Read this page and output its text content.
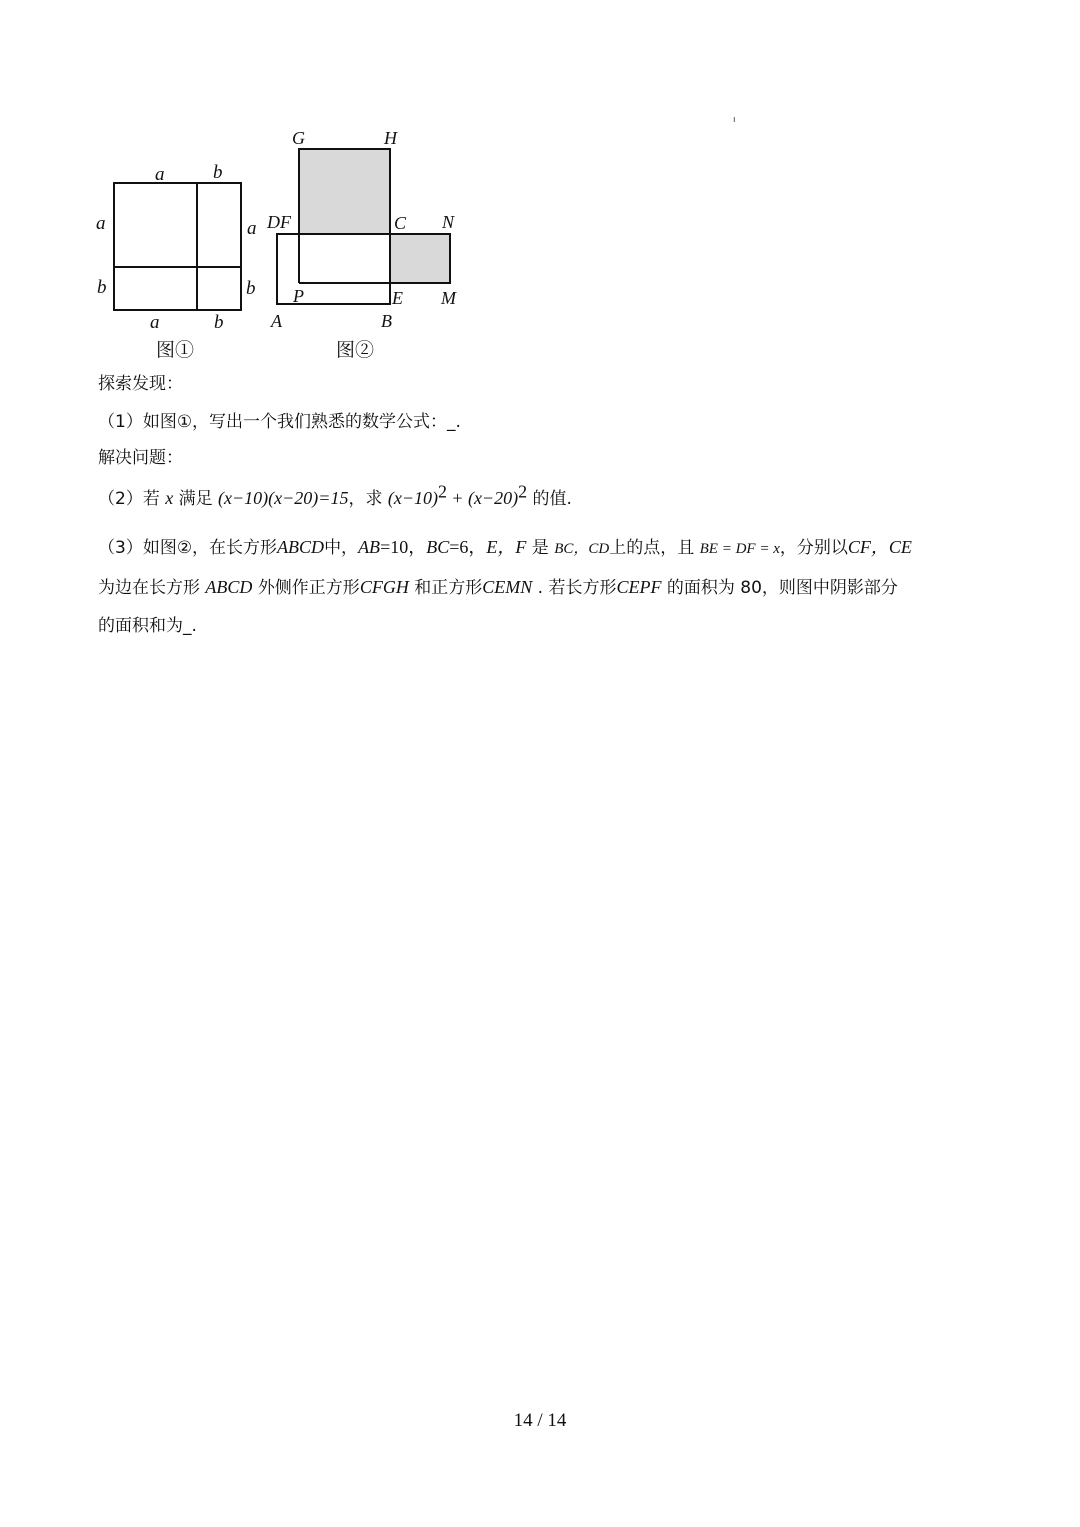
ı
a	b
a
b
a
b
a	b
图①
G	H
DF	C N
P	E M
A	B
图②
探索发现：
（1）如图①，写出一个我们熟悉的数学公式：_.
解决问题：
（2）若 x 满足 (x−10)(x−20)=15，求 $(x-10)^2 + (x-20)^2$ 的值.
（3）如图②，在长方形ABCD中，AB=10，BC=6，E，F 是 BC，CD上的点，且 BE = DF = x，分别以CF，CE
为边在长方形 ABCD 外侧作正方形CFGH 和正方形CEMN . 若长方形CEPF 的面积为 80，则图中阴影部分
的面积和为_.
14 / 14
